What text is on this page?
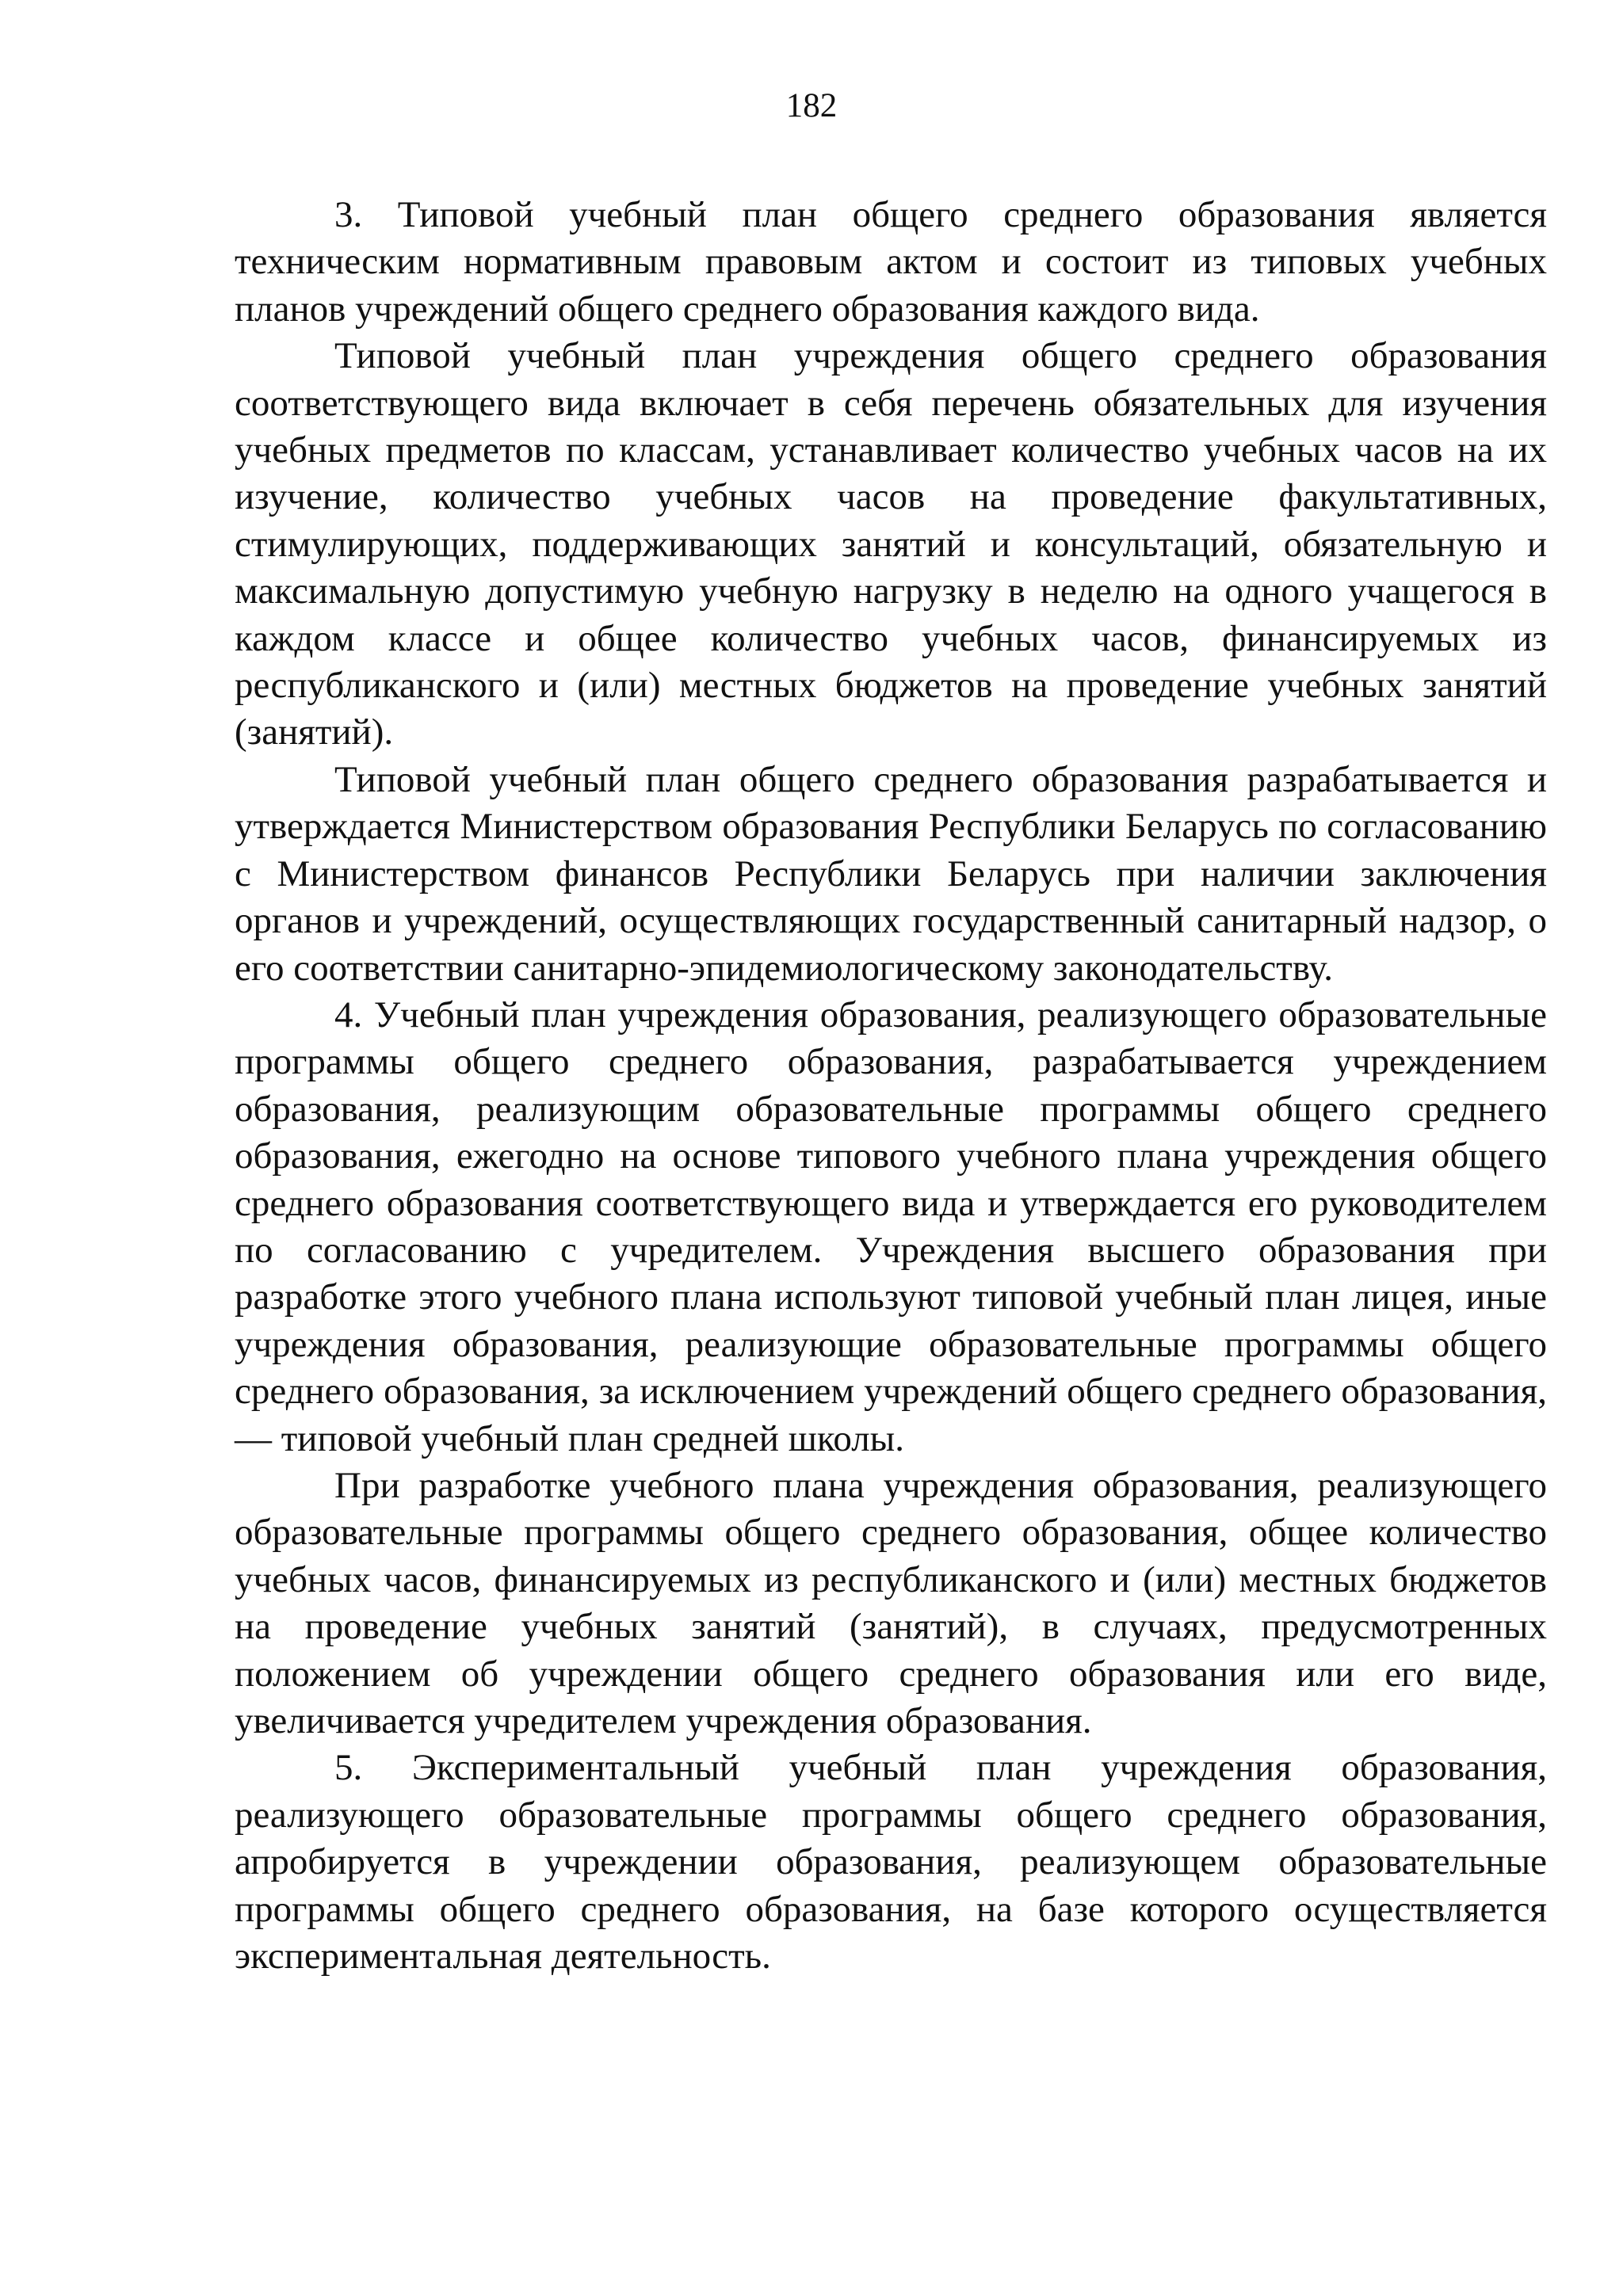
182

3. Типовой учебный план общего среднего образования является техническим нормативным правовым актом и состоит из типовых учебных планов учреждений общего среднего образования каждого вида.

Типовой учебный план учреждения общего среднего образования соответствующего вида включает в себя перечень обязательных для изучения учебных предметов по классам, устанавливает количество учебных часов на их изучение, количество учебных часов на проведение факультативных, стимулирующих, поддерживающих занятий и консультаций, обязательную и максимальную допустимую учебную нагрузку в неделю на одного учащегося в каждом классе и общее количество учебных часов, финансируемых из республиканского и (или) местных бюджетов на проведение учебных занятий (занятий).

Типовой учебный план общего среднего образования разрабатывается и утверждается Министерством образования Республики Беларусь по согласованию с Министерством финансов Республики Беларусь при наличии заключения органов и учреждений, осуществляющих государственный санитарный надзор, о его соответствии санитарно-эпидемиологическому законодательству.

4. Учебный план учреждения образования, реализующего образовательные программы общего среднего образования, разрабатывается учреждением образования, реализующим образовательные программы общего среднего образования, ежегодно на основе типового учебного плана учреждения общего среднего образования соответствующего вида и утверждается его руководителем по согласованию с учредителем. Учреждения высшего образования при разработке этого учебного плана используют типовой учебный план лицея, иные учреждения образования, реализующие образовательные программы общего среднего образования, за исключением учреждений общего среднего образования, — типовой учебный план средней школы.

При разработке учебного плана учреждения образования, реализующего образовательные программы общего среднего образования, общее количество учебных часов, финансируемых из республиканского и (или) местных бюджетов на проведение учебных занятий (занятий), в случаях, предусмотренных положением об учреждении общего среднего образования или его виде, увеличивается учредителем учреждения образования.

5. Экспериментальный учебный план учреждения образования, реализующего образовательные программы общего среднего образования, апробируется в учреждении образования, реализующем образовательные программы общего среднего образования, на базе которого осуществляется экспериментальная деятельность.
